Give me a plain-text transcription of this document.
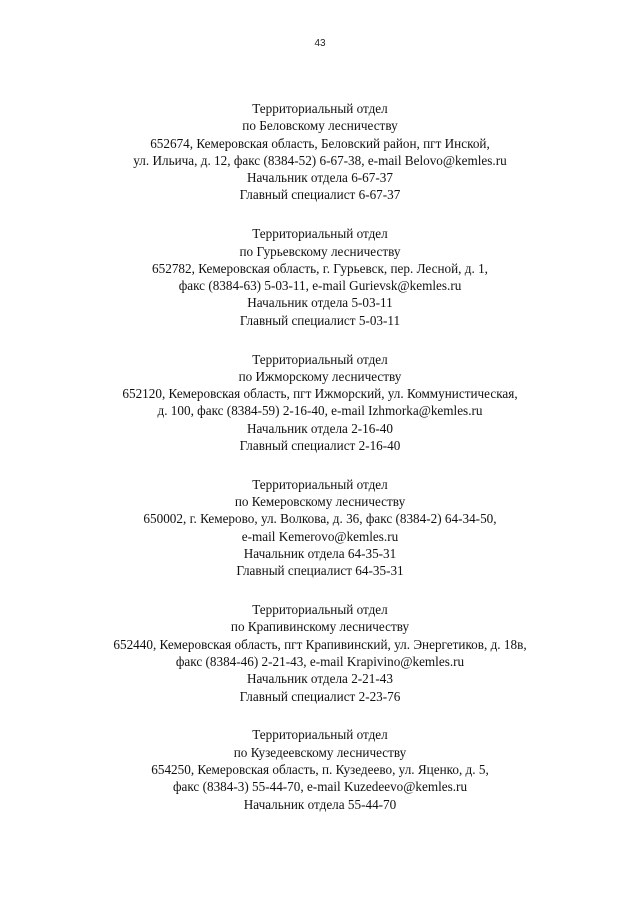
43
Территориальный отдел
по Беловскому лесничеству
652674, Кемеровская область, Беловский район, пгт Инской,
ул. Ильича, д. 12, факс (8384-52) 6-67-38, e-mail Belovo@kemles.ru
Начальник отдела 6-67-37
Главный специалист 6-67-37
Территориальный отдел
по Гурьевскому лесничеству
652782, Кемеровская область, г. Гурьевск, пер. Лесной, д. 1,
факс (8384-63) 5-03-11, e-mail Gurievsk@kemles.ru
Начальник отдела 5-03-11
Главный специалист 5-03-11
Территориальный отдел
по Ижморскому лесничеству
652120, Кемеровская область, пгт Ижморский, ул. Коммунистическая,
д. 100, факс (8384-59) 2-16-40, e-mail Izhmorka@kemles.ru
Начальник отдела 2-16-40
Главный специалист 2-16-40
Территориальный отдел
по Кемеровскому лесничеству
650002, г. Кемерово, ул. Волкова, д. 36, факс (8384-2) 64-34-50,
e-mail Kemerovo@kemles.ru
Начальник отдела 64-35-31
Главный специалист 64-35-31
Территориальный отдел
по Крапивинскому лесничеству
652440, Кемеровская область, пгт Крапивинский, ул. Энергетиков, д. 18в,
факс (8384-46) 2-21-43, e-mail Krapivino@kemles.ru
Начальник отдела 2-21-43
Главный специалист 2-23-76
Территориальный отдел
по Кузедеевскому лесничеству
654250, Кемеровская область, п. Кузедеево, ул. Яценко, д. 5,
факс (8384-3) 55-44-70, e-mail Kuzedeevo@kemles.ru
Начальник отдела 55-44-70
